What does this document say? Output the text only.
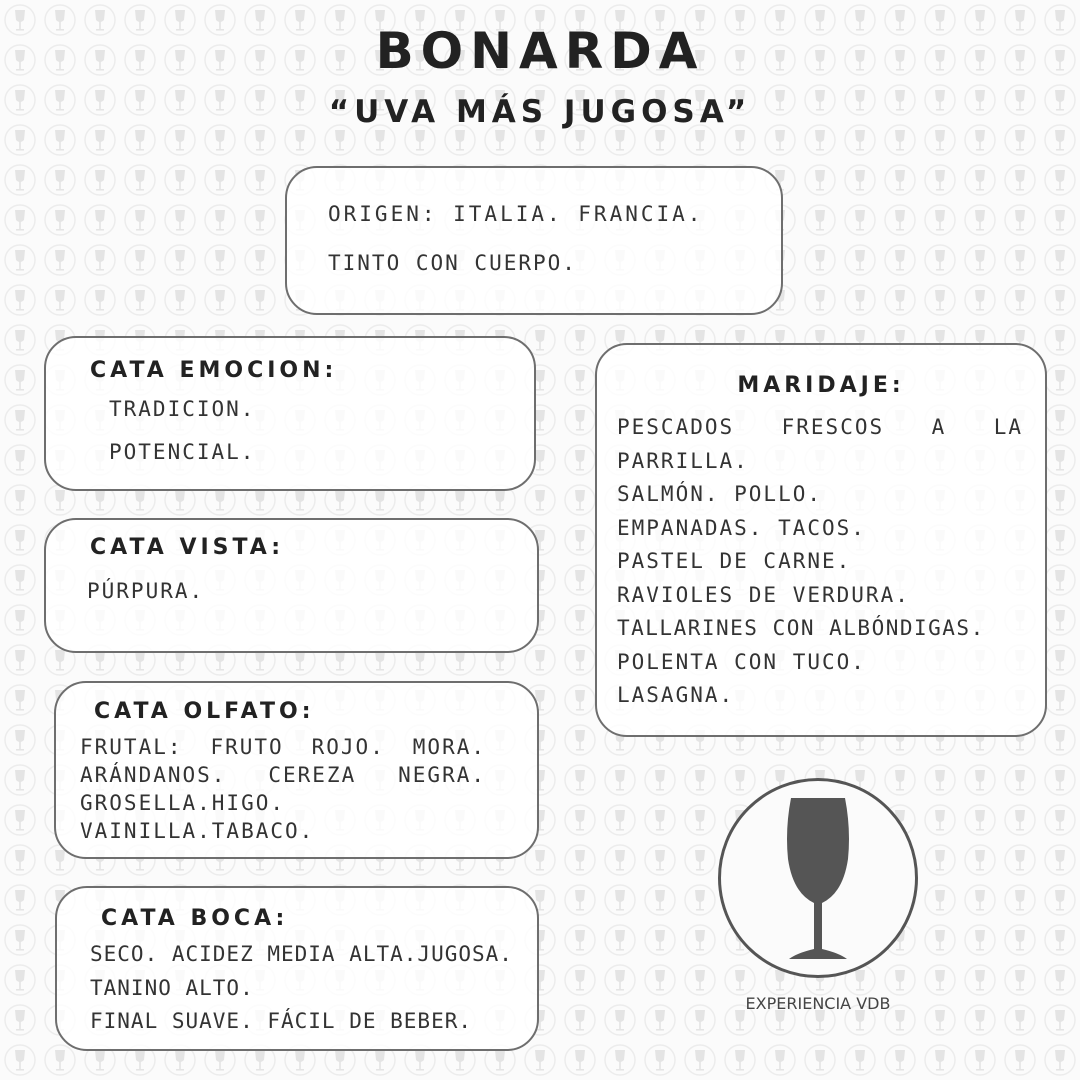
BONARDA
“UVA MÁS JUGOSA”
ORIGEN: ITALIA. FRANCIA.
TINTO CON CUERPO.
CATA EMOCION:
TRADICION.
POTENCIAL.
CATA VISTA:
PÚRPURA.
CATA OLFATO:
FRUTAL: FRUTO ROJO. MORA.
ARÁNDANOS. CEREZA NEGRA.
GROSELLA.HIGO.
VAINILLA.TABACO.
CATA BOCA:
SECO. ACIDEZ MEDIA ALTA.JUGOSA.
TANINO ALTO.
FINAL SUAVE. FÁCIL DE BEBER.
MARIDAJE:
PESCADOS FRESCOS A LA
PARRILLA.
SALMÓN. POLLO.
EMPANADAS. TACOS.
PASTEL DE CARNE.
RAVIOLES DE VERDURA.
TALLARINES CON ALBÓNDIGAS.
POLENTA CON TUCO.
LASAGNA.
EXPERIENCIA VDB
